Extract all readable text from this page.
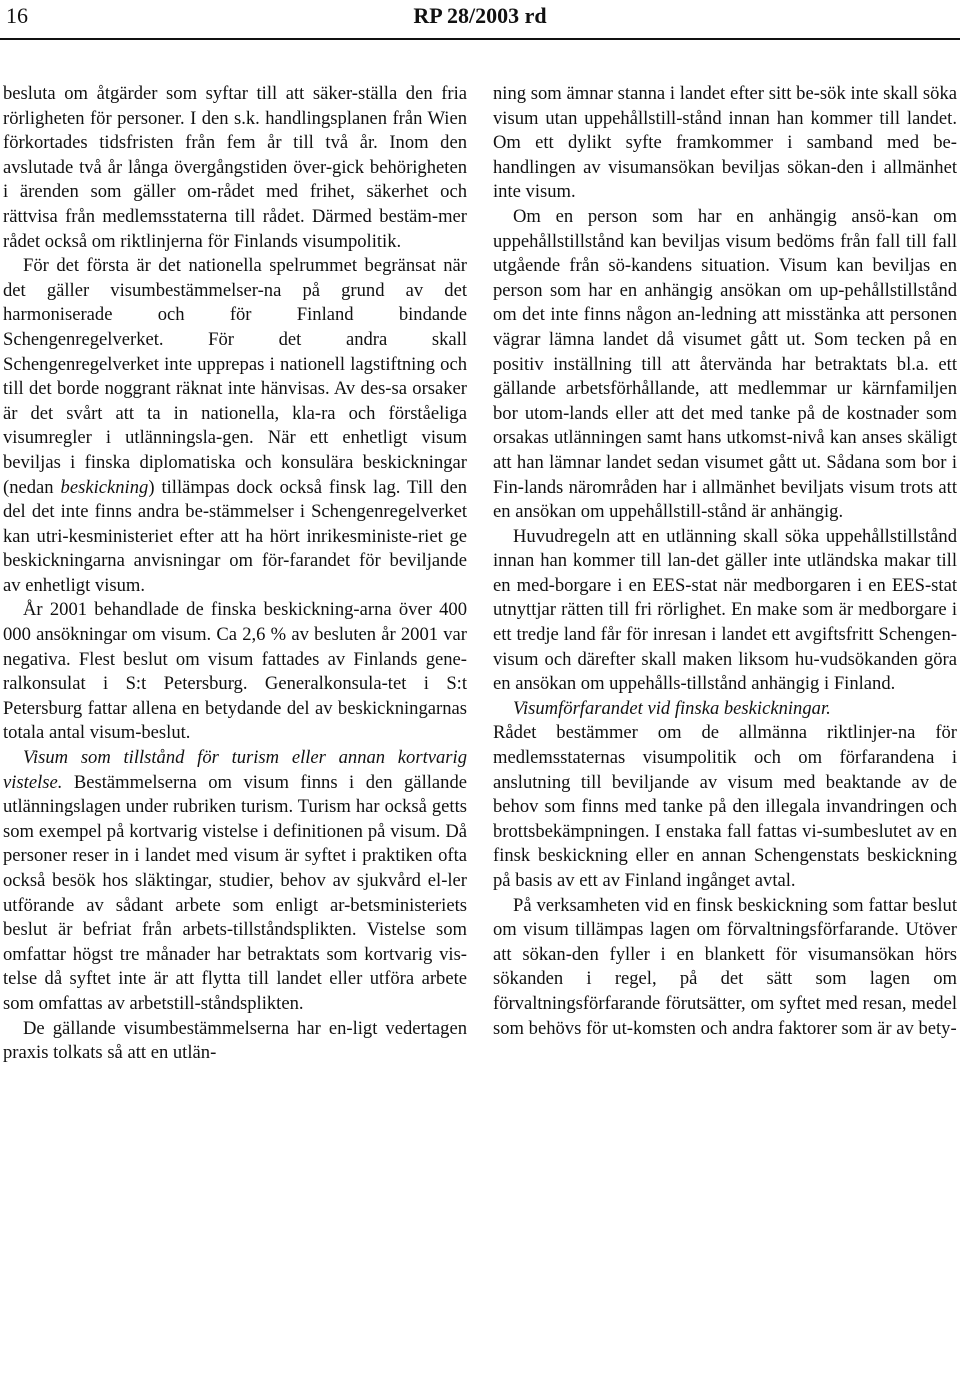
16	RP 28/2003 rd

besluta om åtgärder som syftar till att säker-ställa den fria rörligheten för personer. I den s.k. handlingsplanen från Wien förkortades tidsfristen från fem år till två år. Inom den avslutade två år långa övergångstiden över-gick behörigheten i ärenden som gäller om-rådet med frihet, säkerhet och rättvisa från medlemsstaterna till rådet. Därmed bestäm-mer rådet också om riktlinjerna för Finlands visumpolitik.

För det första är det nationella spelrummet begränsat när det gäller visumbestämmelser-na på grund av det harmoniserade och för Finland bindande Schengenregelverket. För det andra skall Schengenregelverket inte upprepas i nationell lagstiftning och till det borde noggrant räknat inte hänvisas. Av des-sa orsaker är det svårt att ta in nationella, kla-ra och förståeliga visumregler i utlänningsla-gen. När ett enhetligt visum beviljas i finska diplomatiska och konsulära beskickningar (nedan beskickning) tillämpas dock också finsk lag. Till den del det inte finns andra be-stämmelser i Schengenregelverket kan utri-kesministeriet efter att ha hört inrikesministe-riet ge beskickningarna anvisningar om för-farandet för beviljande av enhetligt visum.

År 2001 behandlade de finska beskickning-arna över 400 000 ansökningar om visum. Ca 2,6 % av besluten år 2001 var negativa. Flest beslut om visum fattades av Finlands gene-ralkonsulat i S:t Petersburg. Generalkonsula-tet i S:t Petersburg fattar allena en betydande del av beskickningarnas totala antal visum-beslut.

Visum som tillstånd för turism eller annan kortvarig vistelse. Bestämmelserna om visum finns i den gällande utlänningslagen under rubriken turism. Turism har också getts som exempel på kortvarig vistelse i definitionen på visum. Då personer reser in i landet med visum är syftet i praktiken ofta också besök hos släktingar, studier, behov av sjukvård el-ler utförande av sådant arbete som enligt ar-betsministeriets beslut är befriat från arbets-tillståndsplikten. Vistelse som omfattar högst tre månader har betraktats som kortvarig vis-telse då syftet inte är att flytta till landet eller utföra arbete som omfattas av arbetstill-ståndsplikten.

De gällande visumbestämmelserna har en-ligt vedertagen praxis tolkats så att en utlän-

ning som ämnar stanna i landet efter sitt be-sök inte skall söka visum utan uppehållstill-stånd innan han kommer till landet. Om ett dylikt syfte framkommer i samband med be-handlingen av visumansökan beviljas sökan-den i allmänhet inte visum.

Om en person som har en anhängig ansö-kan om uppehållstillstånd kan beviljas visum bedöms från fall till fall utgående från sö-kandens situation. Visum kan beviljas en person som har en anhängig ansökan om up-pehållstillstånd om det inte finns någon an-ledning att misstänka att personen vägrar lämna landet då visumet gått ut. Som tecken på en positiv inställning till att återvända har betraktats bl.a. ett gällande arbetsförhållande, att medlemmar ur kärnfamiljen bor utom-lands eller att det med tanke på de kostnader som orsakas utlänningen samt hans utkomst-nivå kan anses skäligt att han lämnar landet sedan visumet gått ut. Sådana som bor i Fin-lands närområden har i allmänhet beviljats visum trots att en ansökan om uppehållstill-stånd är anhängig.

Huvudregeln att en utlänning skall söka uppehållstillstånd innan han kommer till lan-det gäller inte utländska makar till en med-borgare i en EES-stat när medborgaren i en EES-stat utnyttjar rätten till fri rörlighet. En make som är medborgare i ett tredje land får för inresan i landet ett avgiftsfritt Schengen-visum och därefter skall maken liksom hu-vudsökanden göra en ansökan om uppehålls-tillstånd anhängig i Finland.

Visumförfarandet vid finska beskickningar.

Rådet bestämmer om de allmänna riktlinjer-na för medlemsstaternas visumpolitik och om förfarandena i anslutning till beviljande av visum med beaktande av de behov som finns med tanke på den illegala invandringen och brottsbekämpningen. I enstaka fall fattas vi-sumbeslutet av en finsk beskickning eller en annan Schengenstats beskickning på basis av ett av Finland ingånget avtal.

På verksamheten vid en finsk beskickning som fattar beslut om visum tillämpas lagen om förvaltningsförfarande. Utöver att sökan-den fyller i en blankett för visumansökan hörs sökanden i regel, på det sätt som lagen om förvaltningsförfarande förutsätter, om syftet med resan, medel som behövs för ut-komsten och andra faktorer som är av bety-
